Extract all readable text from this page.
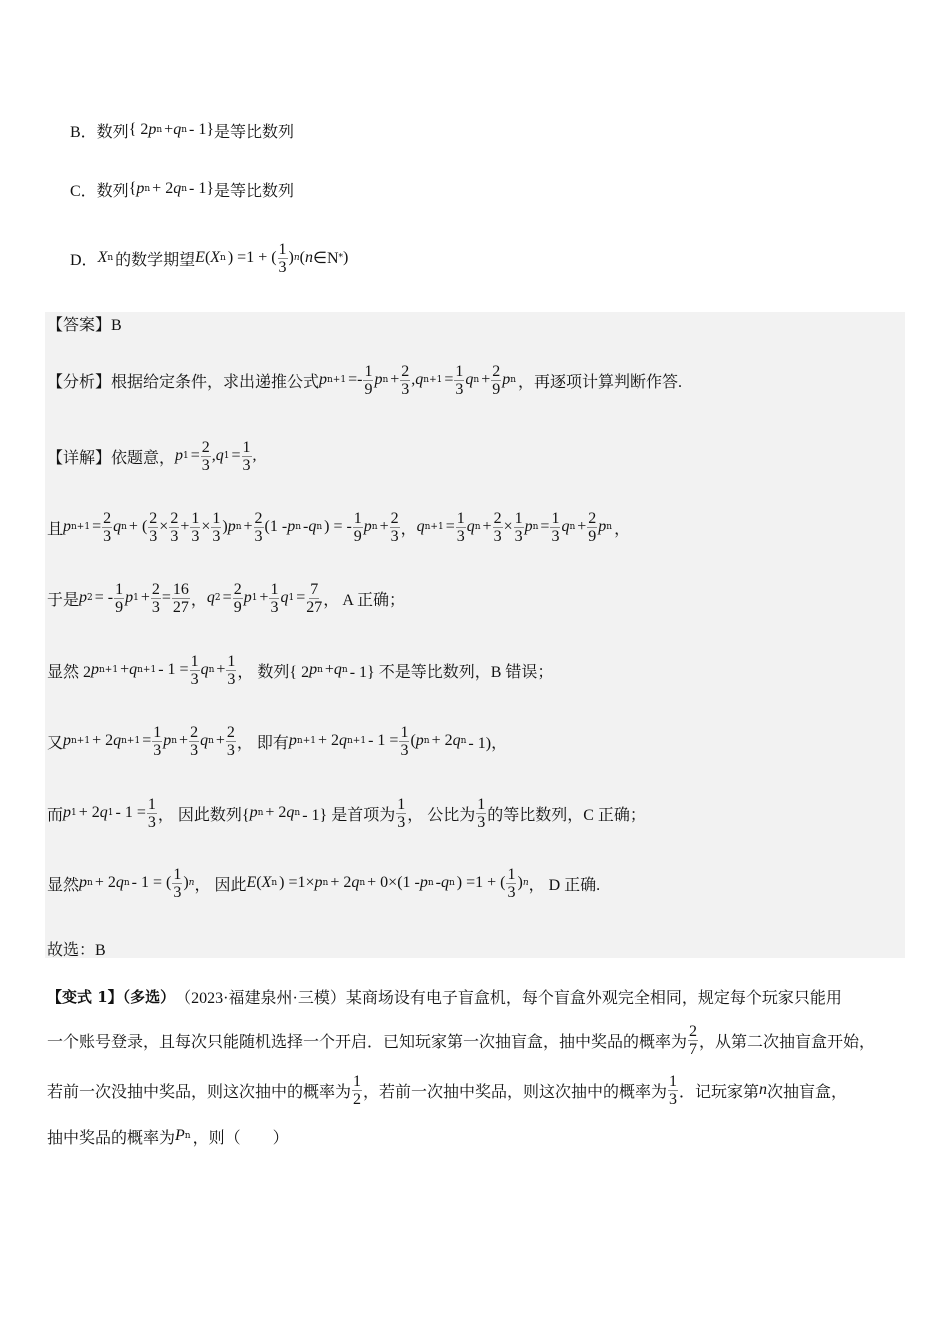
B．数列 { 2 p n + q n - 1} 是等比数列
C．数列 { p n + 2 q n - 1} 是等比数列
D． X n 的数学期望 E ( X n ) =1 + ( $\frac{1}{3}$ ) n ( n ∈N * )
【答案】B
【分析】根据给定条件，求出递推公式 p $n+1 =- \frac{1}{9}$ p $n + \frac{2}{3}$ , q $n+1 = \frac{1}{3}$ q $n + \frac{2}{9}$ p n ，再逐项计算判断作答.
【详解】依题意， p $1 = \frac{2}{3}$ , q $1 = \frac{1}{3}$ ,
且 p $n+1 = \frac{2}{3}$ q n + ( $\frac{2}{3} \times \frac{2}{3} + \frac{1}{3} \times \frac{1}{3}$ ) p $n + \frac{2}{3} (1 - p$ n - q n ) = - $\frac{1}{9}$ p $n + \frac{2}{3}$ ， q $n+1 = \frac{1}{3}$ q $n + \frac{2}{3} \times \frac{1}{3}$ p $n = \frac{1}{3}$ q $n + \frac{2}{9}$ p n ，
于是 p 2 = - $\frac{1}{9}$ p $1 + \frac{2}{3} = \frac{16}{27}$ ， q $2 = \frac{2}{9}$ p $1 + \frac{1}{3}$ q $1 = \frac{7}{27}$ ， A 正确；
显然 2 p n+1 + q $n+1 - 1 = \frac{1}{3}$ q $n + \frac{1}{3}$ ， 数列{ 2 p n + q n - 1} 不是等比数列，B 错误；
又 p n+1 + 2 q $n+1 = \frac{1}{3}$ p $n + \frac{2}{3}$ q $n + \frac{2}{3}$ ， 即有 p n+1 + 2 q $n+1 - 1 = \frac{1}{3}$ ( p n + 2 q n - 1)，
而 p 1 + 2 q $1 - 1 = \frac{1}{3}$ ， 因此数列{ p n + 2 q n - 1} 是首项为 $\frac{1}{3}$ ， 公比为 $\frac{1}{3}$ 的等比数列，C 正确；
显然 p n + 2 q n - 1 = ( $\frac{1}{3}$ ) n ， 因此 E ( X n ) =1× p n + 2 q n + 0×(1 - p n - q n ) =1 + ( $\frac{1}{3}$ ) n ， D 正确.
故选：B
【变式 1】（多选） （2023·福建泉州·三模）某商场设有电子盲盒机，每个盲盒外观完全相同，规定每个玩家只能用
一个账号登录，且每次只能随机选择一个开启．已知玩家第一次抽盲盒，抽中奖品的概率为 $\frac{2}{7}$ ，从第二次抽盲盒开始，
若前一次没抽中奖品，则这次抽中的概率为 $\frac{1}{2}$ ，若前一次抽中奖品，则这次抽中的概率为 $\frac{1}{3}$ ．记玩家第 n 次抽盲盒，
抽中奖品的概率为 P n ，则（　　）
